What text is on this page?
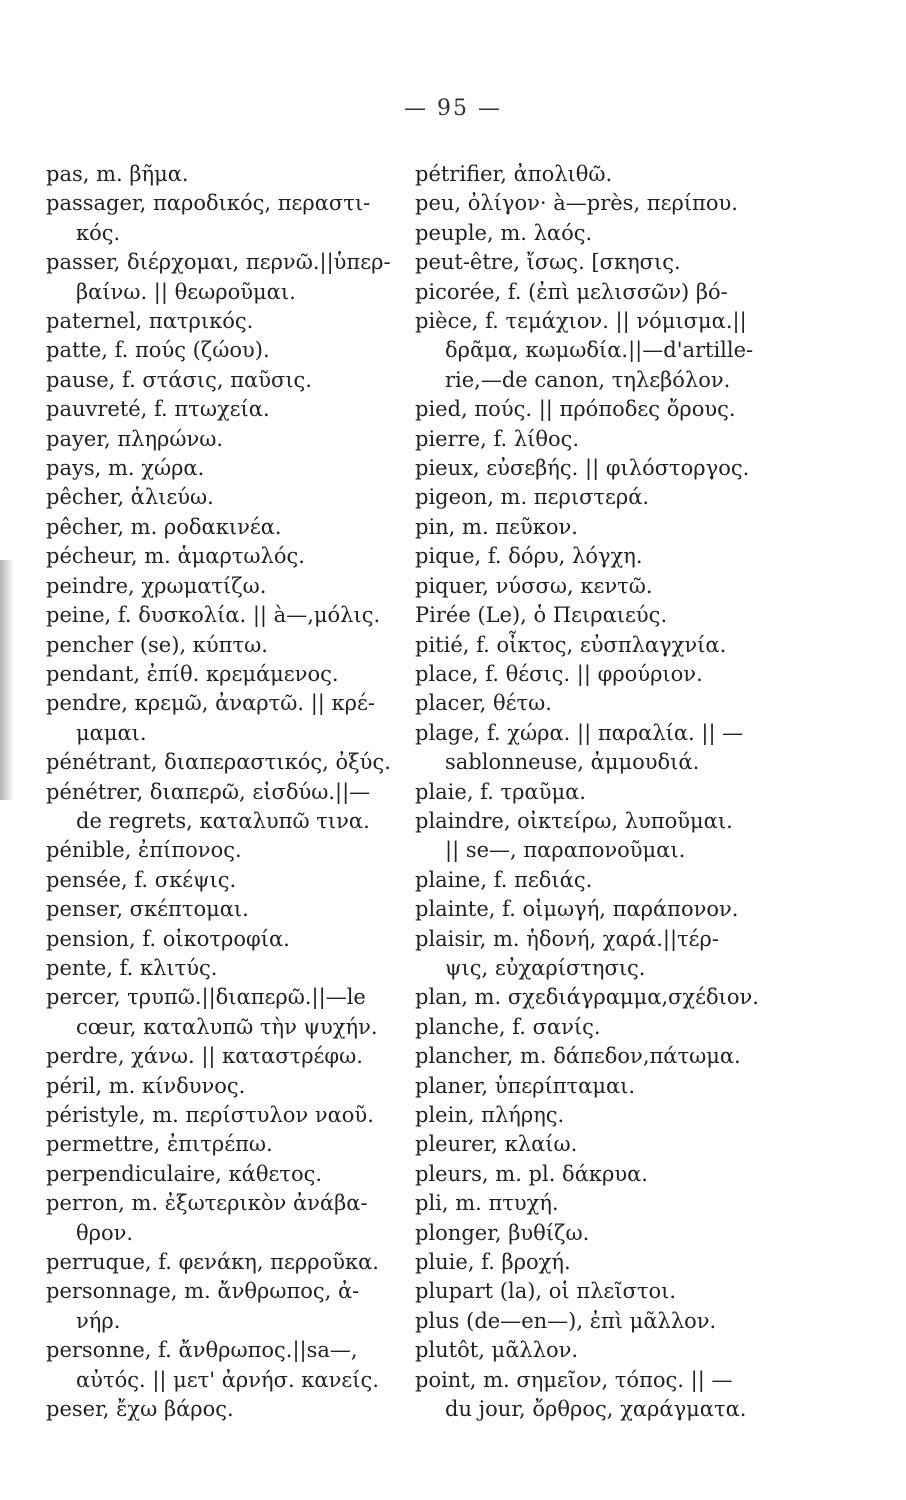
— 95 —
pas, m. βῆμα.
passager, παροδικός, περαστι-
κός.
passer, διέρχομαι, περνῶ.||ὑπερ-
βαίνω. || θεωροῦμαι.
paternel, πατρικός.
patte, f. πούς (ζώου).
pause, f. στάσις, παῦσις.
pauvreté, f. πτωχεία.
payer, πληρώνω.
pays, m. χώρα.
pêcher, ἁλιεύω.
pêcher, m. ροδακινέα.
pécheur, m. ἁμαρτωλός.
peindre, χρωματίζω.
peine, f. δυσκολία. || à—,μόλις.
pencher (se), κύπτω.
pendant, ἐπίθ. κρεμάμενος.
pendre, κρεμῶ, ἀναρτῶ. || κρέ-
μαμαι.
pénétrant, διαπεραστικός, ὀξύς.
pénétrer, διαπερῶ, εἰσδύω.||—
de regrets, καταλυπῶ τινα.
pénible, ἐπίπονος.
pensée, f. σκέψις.
penser, σκέπτομαι.
pension, f. οἰκοτροφία.
pente, f. κλιτύς.
percer, τρυπῶ.||διαπερῶ.||—le
cœur, καταλυπῶ τὴν ψυχήν.
perdre, χάνω. || καταστρέφω.
péril, m. κίνδυνος.
péristyle, m. περίστυλον ναοῦ.
permettre, ἐπιτρέπω.
perpendiculaire, κάθετος.
perron, m. ἐξωτερικὸν ἀνάβα-
θρον.
perruque, f. φενάκη, περροῦκα.
personnage, m. ἄνθρωπος, ἀ-
νήρ.
personne, f. ἄνθρωπος.||sa—,
αὐτός. || μετ' ἀρνήσ. κανείς.
peser, ἔχω βάρος.
pétrifier, ἀπολιθῶ.
peu, ὀλίγον· à—près, περίπου.
peuple, m. λαός.
peut-être, ἴσως. [σκησις.
picorée, f. (ἐπὶ μελισσῶν) βό-
pièce, f. τεμάχιον. || νόμισμα.||
δρᾶμα, κωμωδία.||—d'artille-
rie,—de canon, τηλεβόλον.
pied, πούς. || πρόποδες ὄρους.
pierre, f. λίθος.
pieux, εὐσεβής. || φιλόστοργος.
pigeon, m. περιστερά.
pin, m. πεῦκον.
pique, f. δόρυ, λόγχη.
piquer, νύσσω, κεντῶ.
Pirée (Le), ὁ Πειραιεύς.
pitié, f. οἶκτος, εὐσπλαγχνία.
place, f. θέσις. || φρούριον.
placer, θέτω.
plage, f. χώρα. || παραλία. || —
sablonneuse, ἀμμουδιά.
plaie, f. τραῦμα.
plaindre, οἰκτείρω, λυποῦμαι.
|| se—, παραπονοῦμαι.
plaine, f. πεδιάς.
plainte, f. οἰμωγή, παράπονον.
plaisir, m. ἡδονή, χαρά.||τέρ-
ψις, εὐχαρίστησις.
plan, m. σχεδιάγραμμα,σχέδιον.
planche, f. σανίς.
plancher, m. δάπεδον,πάτωμα.
planer, ὑπερίπταμαι.
plein, πλήρης.
pleurer, κλαίω.
pleurs, m. pl. δάκρυα.
pli, m. πτυχή.
plonger, βυθίζω.
pluie, f. βροχή.
plupart (la), οἱ πλεῖστοι.
plus (de—en—), ἐπὶ μᾶλλον.
plutôt, μᾶλλον.
point, m. σημεῖον, τόπος. || —
du jour, ὄρθρος, χαράγματα.
